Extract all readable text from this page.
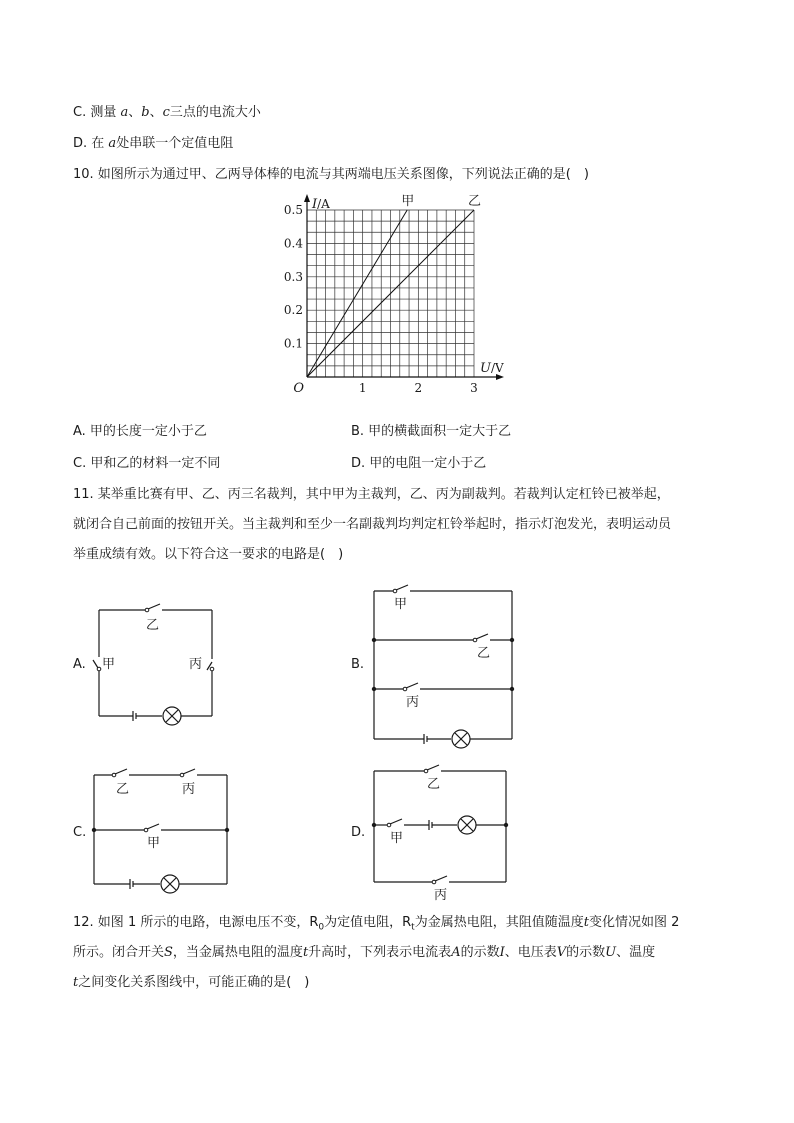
C. 测量 a、b、c三点的电流大小
D. 在 a处串联一个定值电阻
10. 如图所示为通过甲、乙两导体棒的电流与其两端电压关系图像，下列说法正确的是(　)
甲	乙
0.1
0.2
0.3
0.4
0.5
1	2	3
O
I/A
U/V
A. 甲的长度一定小于乙	B. 甲的横截面积一定大于乙
C. 甲和乙的材料一定不同	D. 甲的电阻一定小于乙
11. 某举重比赛有甲、乙、丙三名裁判，其中甲为主裁判，乙、丙为副裁判。若裁判认定杠铃已被举起，
就闭合自己前面的按钮开关。当主裁判和至少一名副裁判均判定杠铃举起时，指示灯泡发光，表明运动员
举重成绩有效。以下符合这一要求的电路是(　)
A.
乙
甲	丙	B.
甲
乙
丙
C.
乙	丙
甲
D.
乙
甲
丙
12. 如图 1 所示的电路，电源电压不变，$R_0$为定值电阻，$R_t$为金属热电阻，其阻值随温度t变化情况如图 2
所示。闭合开关S，当金属热电阻的温度t升高时，下列表示电流表A的示数I、电压表V的示数U、温度
t之间变化关系图线中，可能正确的是(　)
